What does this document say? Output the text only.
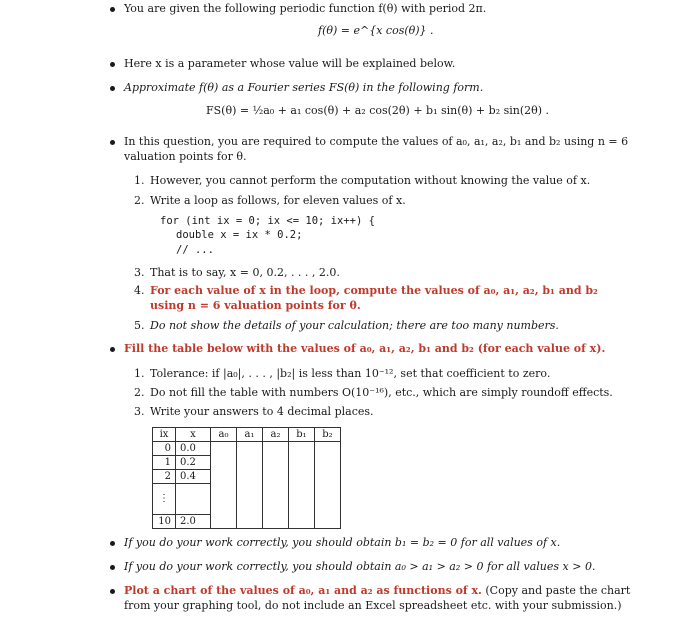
You are given the following periodic function f(θ) with period 2π.
f(θ) = e^{x cos(θ)} .
Here x is a parameter whose value will be explained below.
Approximate f(θ) as a Fourier series FS(θ) in the following form.
FS(θ) = ½a₀ + a₁ cos(θ) + a₂ cos(2θ) + b₁ sin(θ) + b₂ sin(2θ) .
In this question, you are required to compute the values of a₀, a₁, a₂, b₁ and b₂ using n = 6
valuation points for θ.
1. However, you cannot perform the computation without knowing the value of x.
2. Write a loop as follows, for eleven values of x.
for (int ix = 0; ix <= 10; ix++) {
double x = ix * 0.2;
// ...
3. That is to say, x = 0, 0.2, . . . , 2.0.
4. For each value of x in the loop, compute the values of a₀, a₁, a₂, b₁ and b₂
using n = 6 valuation points for θ.
5. Do not show the details of your calculation; there are too many numbers.
Fill the table below with the values of a₀, a₁, a₂, b₁ and b₂ (for each value of x).
1. Tolerance: if |a₀|, . . . , |b₂| is less than 10⁻¹², set that coefficient to zero.
2. Do not fill the table with numbers O(10⁻¹⁶), etc., which are simply roundoff effects.
3. Write your answers to 4 decimal places.
ix	x	a₀	a₁	a₂	b₁	b₂
0	0.0					
1	0.2					
2	0.4					
⋮						
10	2.0					
If you do your work correctly, you should obtain b₁ = b₂ = 0 for all values of x.
If you do your work correctly, you should obtain a₀ > a₁ > a₂ > 0 for all values x > 0.
Plot a chart of the values of a₀, a₁ and a₂ as functions of x. (Copy and paste the chart
from your graphing tool, do not include an Excel spreadsheet etc. with your submission.)
